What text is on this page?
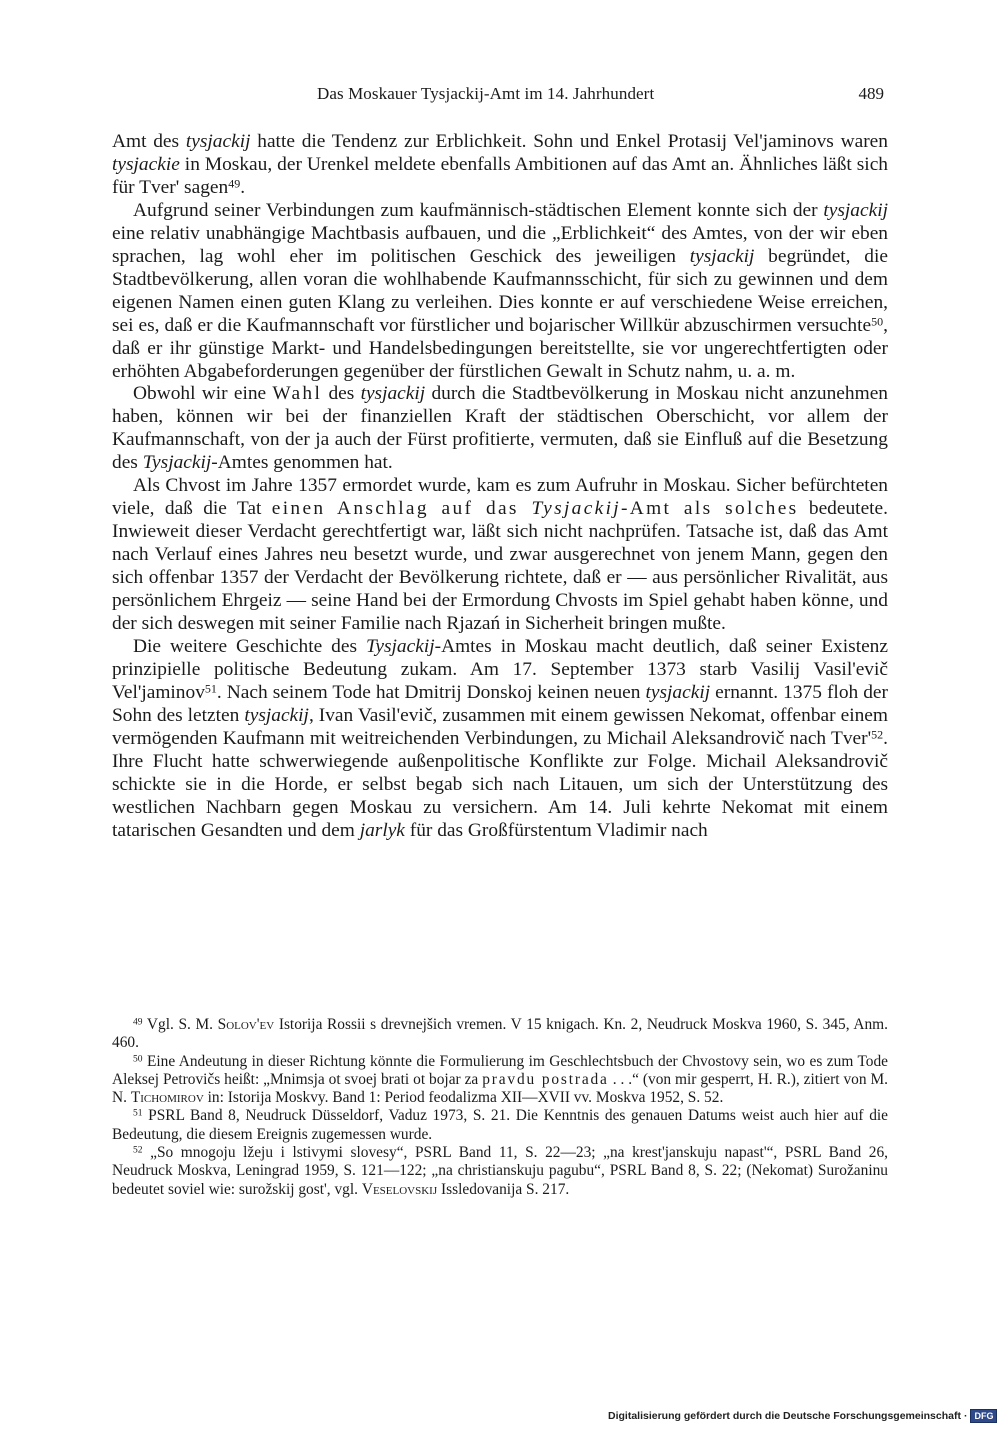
Das Moskauer Tysjackij-Amt im 14. Jahrhundert	489

Amt des tysjackij hatte die Tendenz zur Erblichkeit. Sohn und Enkel Protasij Vel'jaminovs waren tysjackie in Moskau, der Urenkel meldete ebenfalls Ambitionen auf das Amt an. Ähnliches läßt sich für Tver' sagen$^{49}$.

Aufgrund seiner Verbindungen zum kaufmännisch-städtischen Element konnte sich der tysjackij eine relativ unabhängige Machtbasis aufbauen, und die „Erblichkeit“ des Amtes, von der wir eben sprachen, lag wohl eher im politischen Geschick des jeweiligen tysjackij begründet, die Stadtbevölkerung, allen voran die wohlhabende Kaufmannsschicht, für sich zu gewinnen und dem eigenen Namen einen guten Klang zu verleihen. Dies konnte er auf verschiedene Weise erreichen, sei es, daß er die Kaufmannschaft vor fürstlicher und bojarischer Willkür abzuschirmen versuchte$^{50}$, daß er ihr günstige Markt- und Handelsbedingungen bereitstellte, sie vor ungerechtfertigten oder erhöhten Abgabeforderungen gegenüber der fürstlichen Gewalt in Schutz nahm, u. a. m.

Obwohl wir eine Wahl des tysjackij durch die Stadtbevölkerung in Moskau nicht anzunehmen haben, können wir bei der finanziellen Kraft der städtischen Oberschicht, vor allem der Kaufmannschaft, von der ja auch der Fürst profitierte, vermuten, daß sie Einfluß auf die Besetzung des Tysjackij-Amtes genommen hat.

Als Chvost im Jahre 1357 ermordet wurde, kam es zum Aufruhr in Moskau. Sicher befürchteten viele, daß die Tat einen Anschlag auf das Tysjackij-Amt als solches bedeutete. Inwieweit dieser Verdacht gerechtfertigt war, läßt sich nicht nachprüfen. Tatsache ist, daß das Amt nach Verlauf eines Jahres neu besetzt wurde, und zwar ausgerechnet von jenem Mann, gegen den sich offenbar 1357 der Verdacht der Bevölkerung richtete, daß er — aus persönlicher Rivalität, aus persönlichem Ehrgeiz — seine Hand bei der Ermordung Chvosts im Spiel gehabt haben könne, und der sich deswegen mit seiner Familie nach Rjazań in Sicherheit bringen mußte.

Die weitere Geschichte des Tysjackij-Amtes in Moskau macht deutlich, daß seiner Existenz prinzipielle politische Bedeutung zukam. Am 17. September 1373 starb Vasilij Vasil'evič Vel'jaminov$^{51}$. Nach seinem Tode hat Dmitrij Donskoj keinen neuen tysjackij ernannt. 1375 floh der Sohn des letzten tysjackij, Ivan Vasil'evič, zusammen mit einem gewissen Nekomat, offenbar einem vermögenden Kaufmann mit weitreichenden Verbindungen, zu Michail Aleksandrovič nach $Tver'^{52}$. Ihre Flucht hatte schwerwiegende außenpolitische Konflikte zur Folge. Michail Aleksandrovič schickte sie in die Horde, er selbst begab sich nach Litauen, um sich der Unterstützung des westlichen Nachbarn gegen Moskau zu versichern. Am 14. Juli kehrte Nekomat mit einem tatarischen Gesandten und dem jarlyk für das Großfürstentum Vladimir nach

$^{49}$ Vgl. S. M. Solov'ev Istorija Rossii s drevnejšich vremen. V 15 knigach. Kn. 2, Neudruck Moskva 1960, S. 345, Anm. 460.

$^{50}$ Eine Andeutung in dieser Richtung könnte die Formulierung im Geschlechtsbuch der Chvostovy sein, wo es zum Tode Aleksej Petrovičs heißt: „Mnimsja ot svoej brati ot bojar za pravdu postrada . . .“ (von mir gesperrt, H. R.), zitiert von M. N. Tichomirov in: Istorija Moskvy. Band 1: Period feodalizma XII—XVII vv. Moskva 1952, S. 52.

$^{51}$ PSRL Band 8, Neudruck Düsseldorf, Vaduz 1973, S. 21. Die Kenntnis des genauen Datums weist auch hier auf die Bedeutung, die diesem Ereignis zugemessen wurde.

$^{52}$ „So mnogoju lžeju i lstivymi slovesy“, PSRL Band 11, S. 22—23; „na krest'janskuju napast'“, PSRL Band 26, Neudruck Moskva, Leningrad 1959, S. 121—122; „na christianskuju pagubu“, PSRL Band 8, S. 22; (Nekomat) Surožaninu bedeutet soviel wie: surožskij gost', vgl. Veselovskij Issledovanija S. 217.

Digitalisierung gefördert durch die Deutsche Forschungsgemeinschaft · DFG
